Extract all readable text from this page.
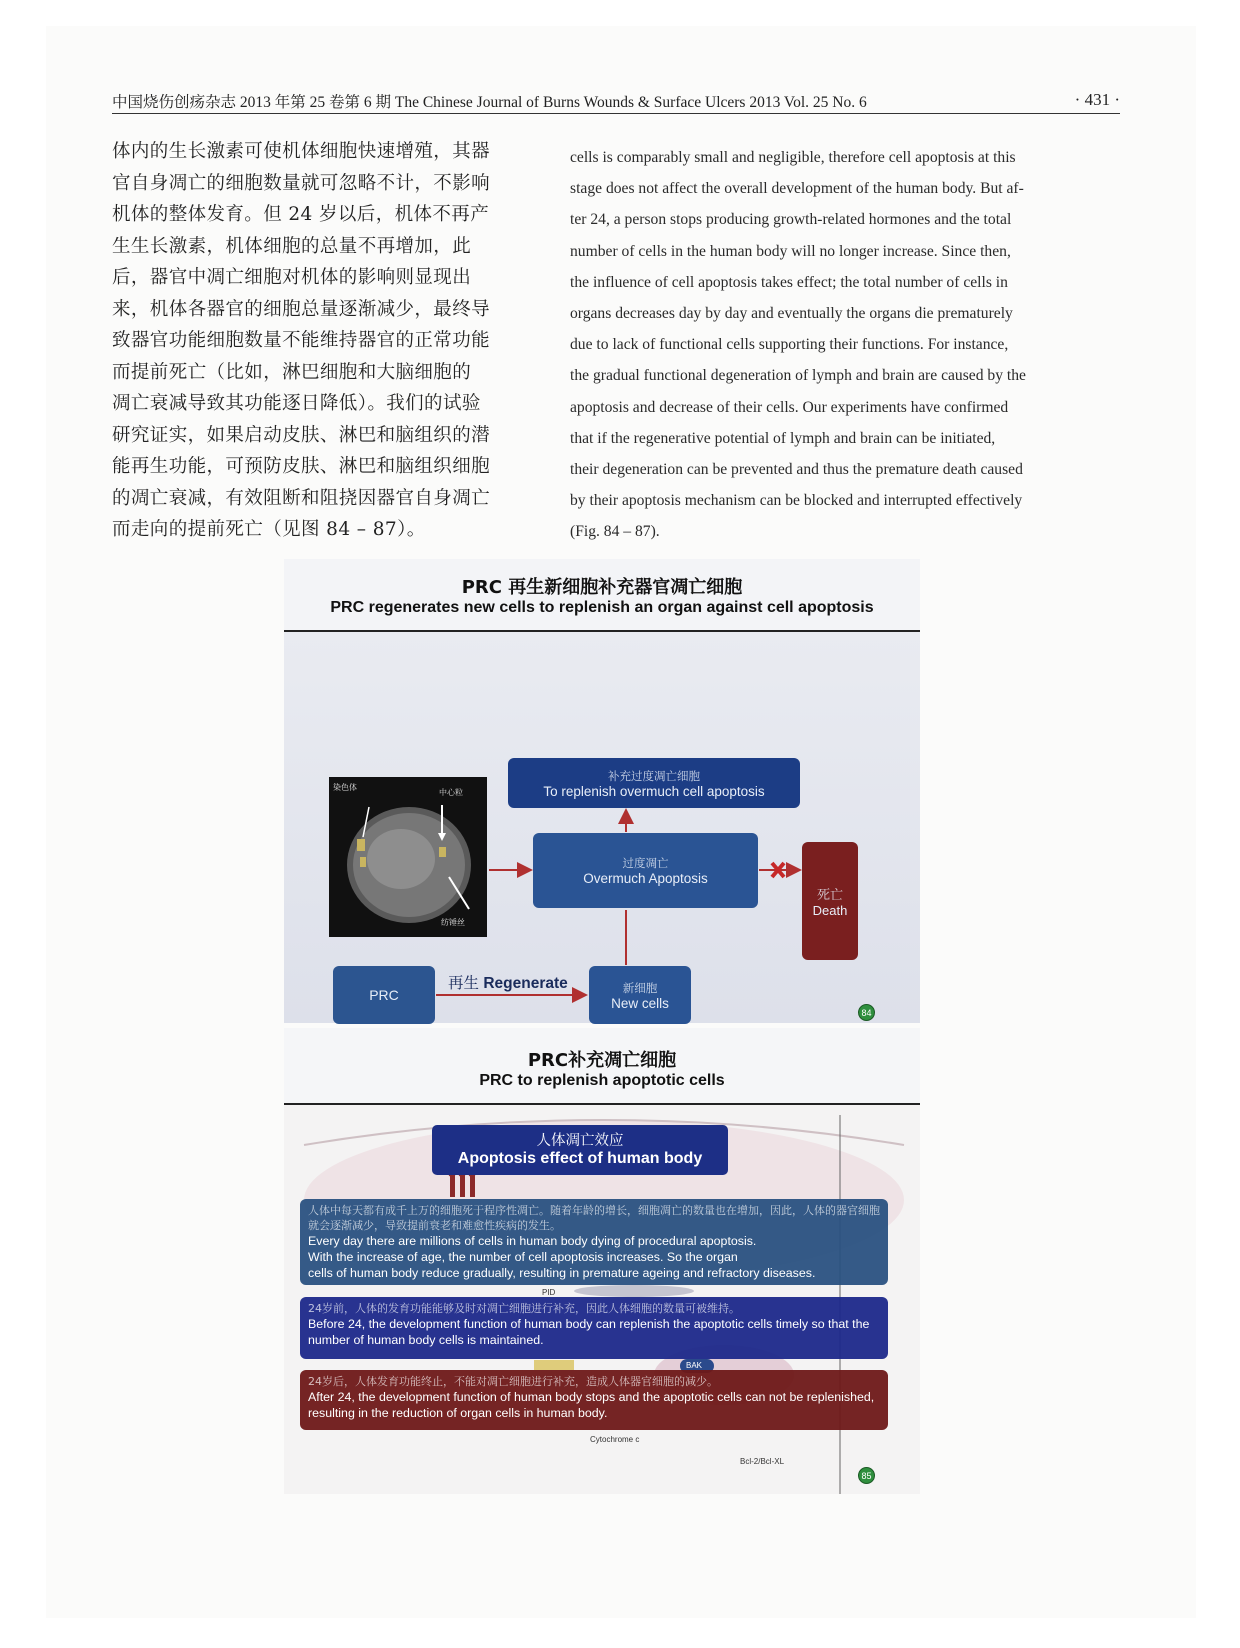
中国烧伤创疡杂志 2013 年第 25 卷第 6 期 The Chinese Journal of Burns Wounds & Surface Ulcers 2013 Vol. 25 No. 6	· 431 ·
体内的生长激素可使机体细胞快速增殖，其器
官自身凋亡的细胞数量就可忽略不计，不影响
机体的整体发育。但 24 岁以后，机体不再产
生生长激素，机体细胞的总量不再增加，此
后，器官中凋亡细胞对机体的影响则显现出
来，机体各器官的细胞总量逐渐减少，最终导
致器官功能细胞数量不能维持器官的正常功能
而提前死亡（比如，淋巴细胞和大脑细胞的
凋亡衰减导致其功能逐日降低）。我们的试验
研究证实，如果启动皮肤、淋巴和脑组织的潜
能再生功能，可预防皮肤、淋巴和脑组织细胞
的凋亡衰减，有效阻断和阻挠因器官自身凋亡
而走向的提前死亡（见图 84 – 87）。
cells is comparably small and negligible, therefore cell apoptosis at this
stage does not affect the overall development of the human body. But af-
ter 24, a person stops producing growth-related hormones and the total
number of cells in the human body will no longer increase. Since then,
the influence of cell apoptosis takes effect; the total number of cells in
organs decreases day by day and eventually the organs die prematurely
due to lack of functional cells supporting their functions. For instance,
the gradual functional degeneration of lymph and brain are caused by the
apoptosis and decrease of their cells. Our experiments have confirmed
that if the regenerative potential of lymph and brain can be initiated,
their degeneration can be prevented and thus the premature death caused
by their apoptosis mechanism can be blocked and interrupted effectively
(Fig. 84 – 87).
PRC 再生新细胞补充器官凋亡细胞
PRC regenerates new cells to replenish an organ against cell apoptosis
染色体
中心粒
纺锤丝
补充过度凋亡细胞
To replenish overmuch cell apoptosis
过度凋亡
Overmuch Apoptosis
死亡
Death
PRC
再生 Regenerate	新细胞
New cells
84
PRC补充凋亡细胞
PRC to replenish apoptotic cells
PID
BAK
Cytochrome c
Bcl-2/Bcl-XL
人体凋亡效应
Apoptosis effect of human body
人体中每天都有成千上万的细胞死于程序性凋亡。随着年龄的增长，细胞凋亡的数量也在增加，因此，人体的器官细胞就会逐渐减少，导致提前衰老和难愈性疾病的发生。
Every day there are millions of cells in human body dying of procedural apoptosis.
With the increase of age, the number of cell apoptosis increases. So the organ
cells of human body reduce gradually, resulting in premature ageing and refractory diseases.
24岁前，人体的发育功能能够及时对凋亡细胞进行补充，因此人体细胞的数量可被维持。
Before 24, the development function of human body can replenish the apoptotic cells timely so that the number of human body cells is maintained.
24岁后，人体发育功能终止，不能对凋亡细胞进行补充，造成人体器官细胞的减少。
After 24, the development function of human body stops and the apoptotic cells can not be replenished, resulting in the reduction of organ cells in human body.
85
